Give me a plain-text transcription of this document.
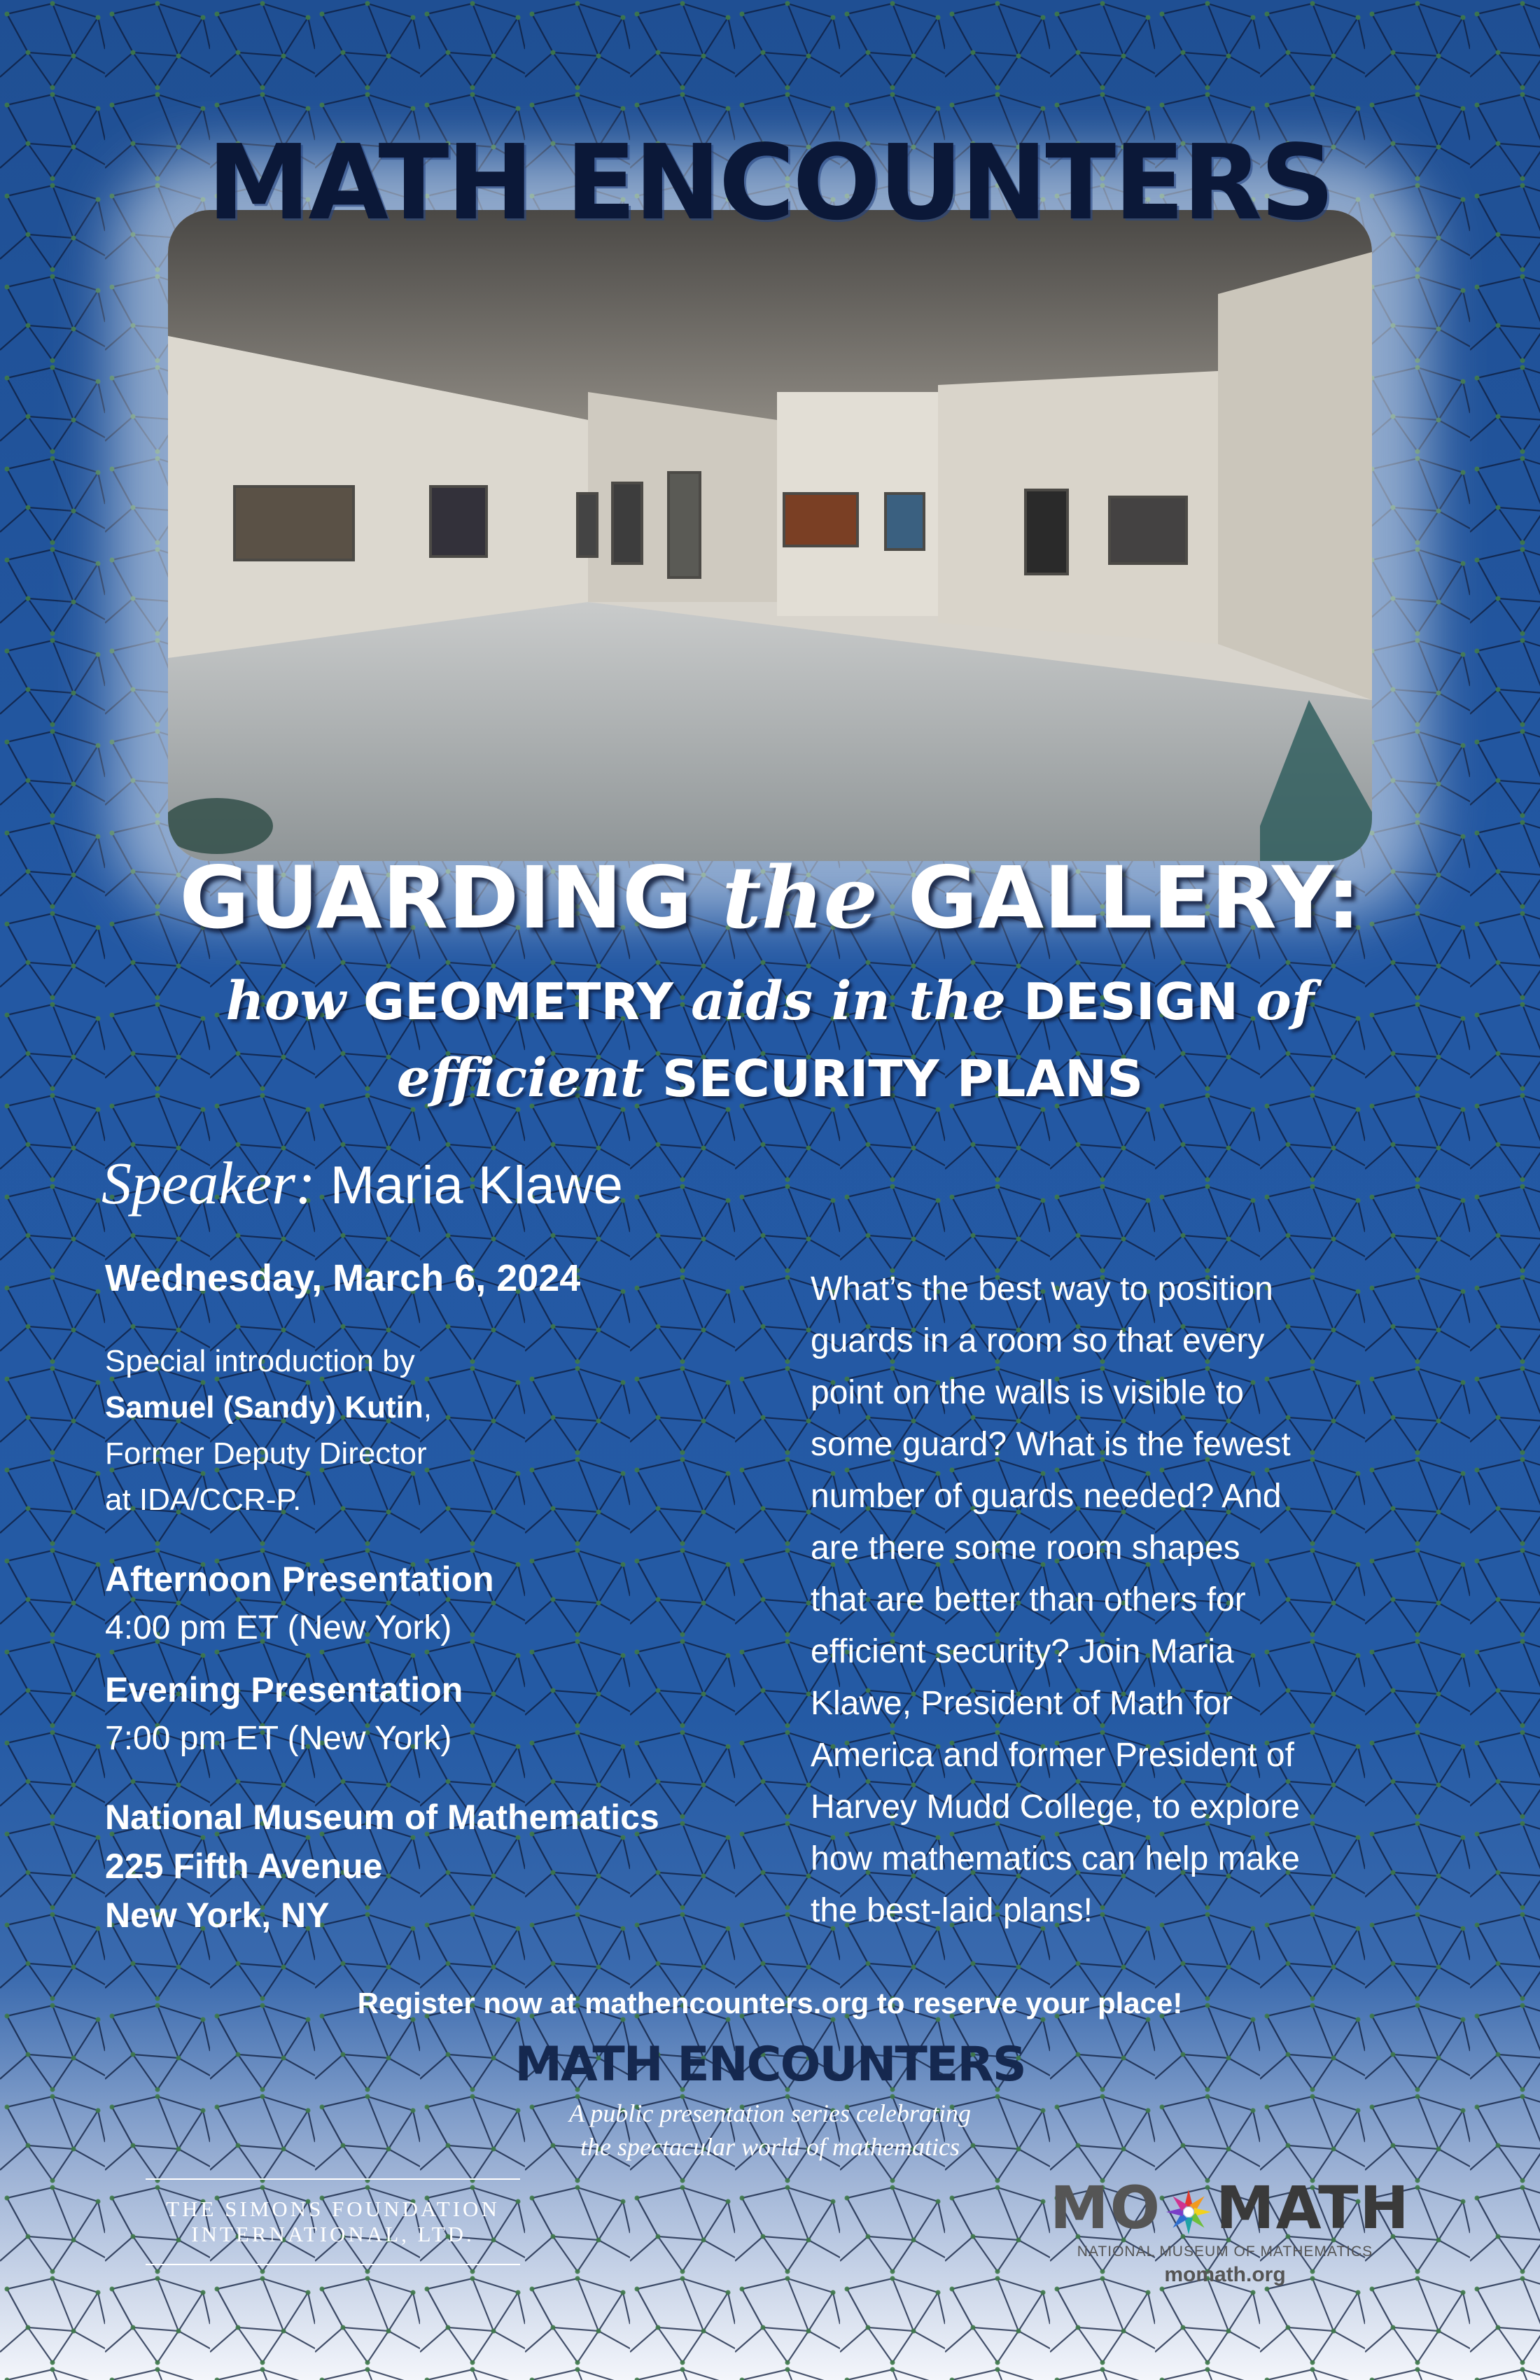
MATH ENCOUNTERS
GUARDING the GALLERY:
how GEOMETRY aids in the DESIGN of
efficient SECURITY PLANS
Speaker: Maria Klawe
Wednesday, March 6, 2024
Special introduction by
Samuel (Sandy) Kutin,
Former Deputy Director
at IDA/CCR-P.
Afternoon Presentation
4:00 pm ET (New York)
Evening Presentation
7:00 pm ET (New York)
National Museum of Mathematics
225 Fifth Avenue
New York, NY
What’s the best way to position
guards in a room so that every
point on the walls is visible to
some guard? What is the fewest
number of guards needed? And
are there some room shapes
that are better than others for
efficient security? Join Maria
Klawe, President of Math for
America and former President of
Harvey Mudd College, to explore
how mathematics can help make
the best-laid plans!
Register now at mathencounters.org to reserve your place!
MATH ENCOUNTERS
A public presentation series celebrating
the spectacular world of mathematics
THE SIMONS FOUNDATION
INTERNATIONAL, LTD.	MO MATH
NATIONAL MUSEUM OF MATHEMATICS
momath.org
